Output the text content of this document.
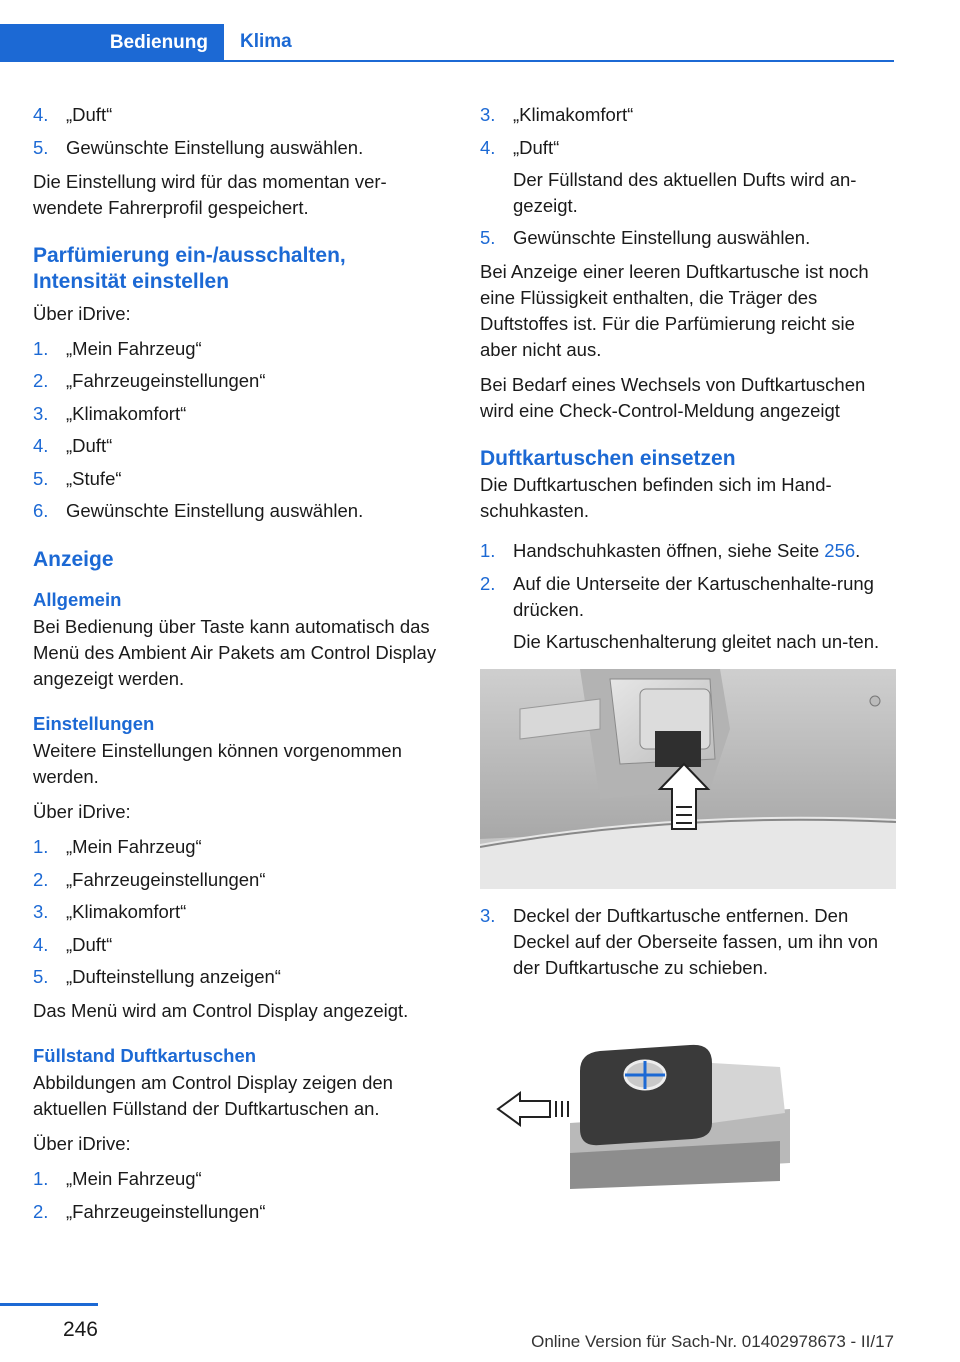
Bedienung	Klima
4. „Duft“
5. Gewünschte Einstellung auswählen.

Die Einstellung wird für das momentan ver‐wendete Fahrerprofil gespeichert.

Parfümierung ein-/ausschalten, Intensität einstellen

Über iDrive:

1. „Mein Fahrzeug“
2. „Fahrzeugeinstellungen“
3. „Klimakomfort“
4. „Duft“
5. „Stufe“
6. Gewünschte Einstellung auswählen.
Anzeige
Allgemein

Bei Bedienung über Taste kann automatisch das Menü des Ambient Air Pakets am Control Display angezeigt werden.

Einstellungen

Weitere Einstellungen können vorgenommen werden.

Über iDrive:

1. „Mein Fahrzeug“
2. „Fahrzeugeinstellungen“
3. „Klimakomfort“
4. „Duft“
5. „Dufteinstellung anzeigen“

Das Menü wird am Control Display angezeigt.

Füllstand Duftkartuschen

Abbildungen am Control Display zeigen den aktuellen Füllstand der Duftkartuschen an.

Über iDrive:

1. „Mein Fahrzeug“
2. „Fahrzeugeinstellungen“
3. „Klimakomfort“
4. „Duft“
Der Füllstand des aktuellen Dufts wird an‐gezeigt.
5. Gewünschte Einstellung auswählen.

Bei Anzeige einer leeren Duftkartusche ist noch eine Flüssigkeit enthalten, die Träger des Duftstoffes ist. Für die Parfümierung reicht sie aber nicht aus.

Bei Bedarf eines Wechsels von Duftkartuschen wird eine Check-Control-Meldung angezeigt

Duftkartuschen einsetzen

Die Duftkartuschen befinden sich im Hand‐schuhkasten.

1. Handschuhkasten öffnen, siehe Seite 256.
2. Auf die Unterseite der Kartuschenhalte‐rung drücken.
Die Kartuschenhalterung gleitet nach un‐ten.
3. Deckel der Duftkartusche entfernen. Den Deckel auf der Oberseite fassen, um ihn von der Duftkartusche zu schieben.
246
Online Version für Sach-Nr. 01402978673 - II/17
